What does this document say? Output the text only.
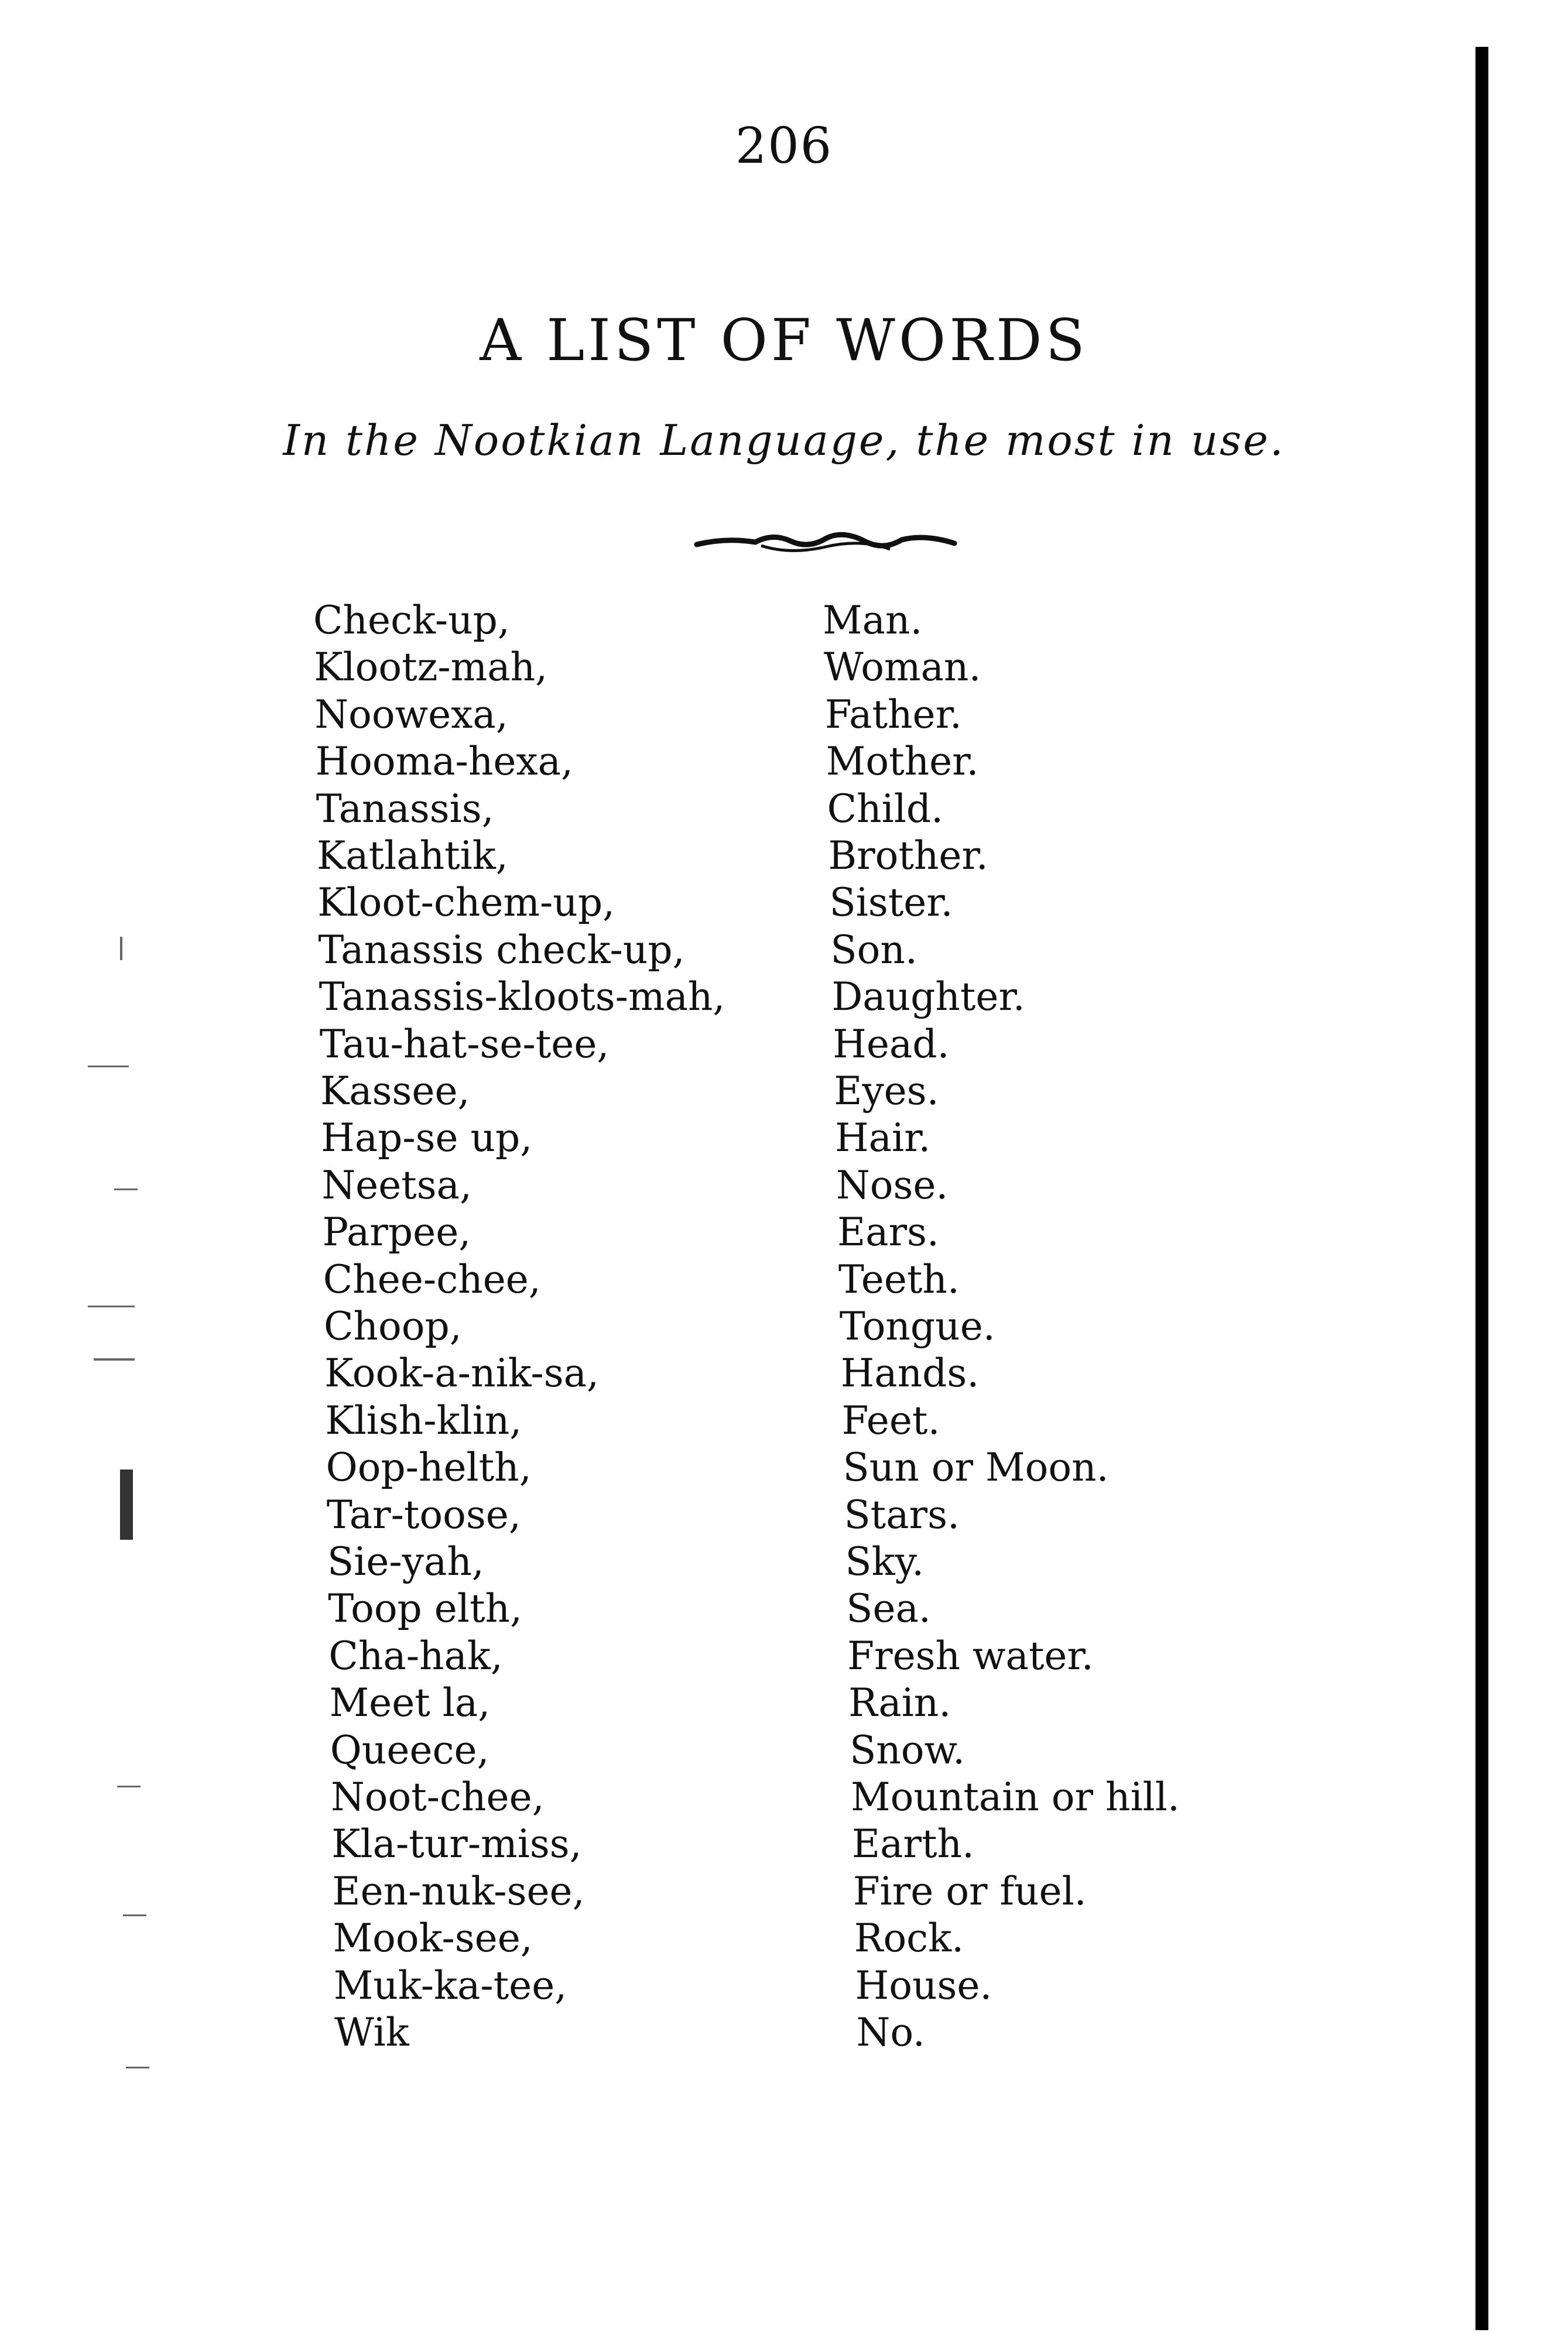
206
A LIST OF WORDS
In the Nootkian Language, the most in use.
Check-up,	Man.
Klootz-mah,	Woman.
Noowexa,	Father.
Hooma-hexa,	Mother.
Tanassis,	Child.
Katlahtik,	Brother.
Kloot-chem-up,	Sister.
Tanassis check-up,	Son.
Tanassis-kloots-mah,	Daughter.
Tau-hat-se-tee,	Head.
Kassee,	Eyes.
Hap-se up,	Hair.
Neetsa,	Nose.
Parpee,	Ears.
Chee-chee,	Teeth.
Choop,	Tongue.
Kook-a-nik-sa,	Hands.
Klish-klin,	Feet.
Oop-helth,	Sun or Moon.
Tar-toose,	Stars.
Sie-yah,	Sky.
Toop elth,	Sea.
Cha-hak,	Fresh water.
Meet la,	Rain.
Queece,	Snow.
Noot-chee,	Mountain or hill.
Kla-tur-miss,	Earth.
Een-nuk-see,	Fire or fuel.
Mook-see,	Rock.
Muk-ka-tee,	House.
Wik	No.
